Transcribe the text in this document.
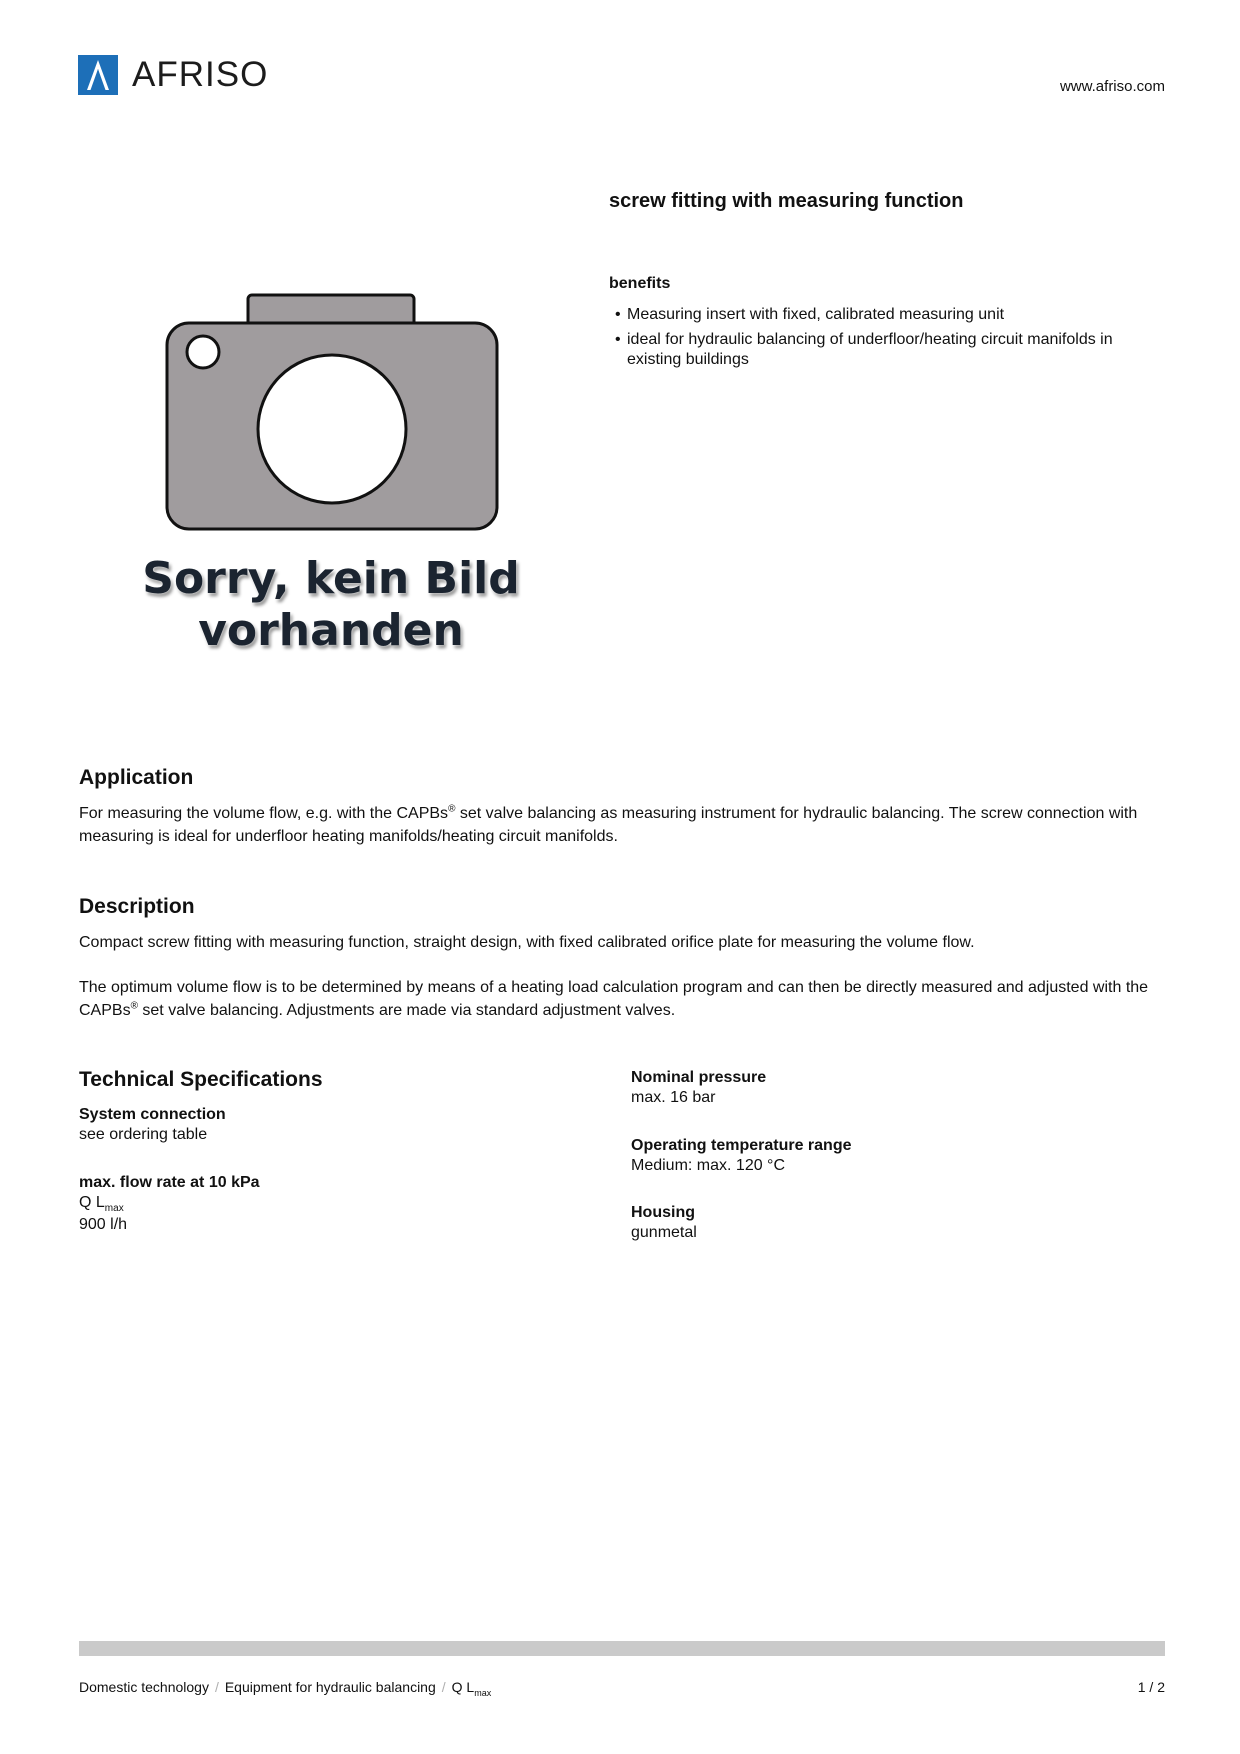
AFRISO	www.afriso.com
screw fitting with measuring function
benefits
• Measuring insert with fixed, calibrated measuring unit
• ideal for hydraulic balancing of underfloor/heating circuit manifolds in existing buildings
Sorry, kein Bild
vorhanden
Application
For measuring the volume flow, e.g. with the CAPBs® set valve balancing as measuring instrument for hydraulic balancing. The screw connection with measuring is ideal for underfloor heating manifolds/heating circuit manifolds.
Description
Compact screw fitting with measuring function, straight design, with fixed calibrated orifice plate for measuring the volume flow.
The optimum volume flow is to be determined by means of a heating load calculation program and can then be directly measured and adjusted with the CAPBs® set valve balancing. Adjustments are made via standard adjustment valves.
Technical Specifications
System connection
see ordering table
max. flow rate at 10 kPa
Q $L_{max}$
900 l/h
Nominal pressure
max. 16 bar
Operating temperature range
Medium: max. 120 °C
Housing
gunmetal
Domestic technology / Equipment for hydraulic balancing / Q $L_{max}$	1 / 2
